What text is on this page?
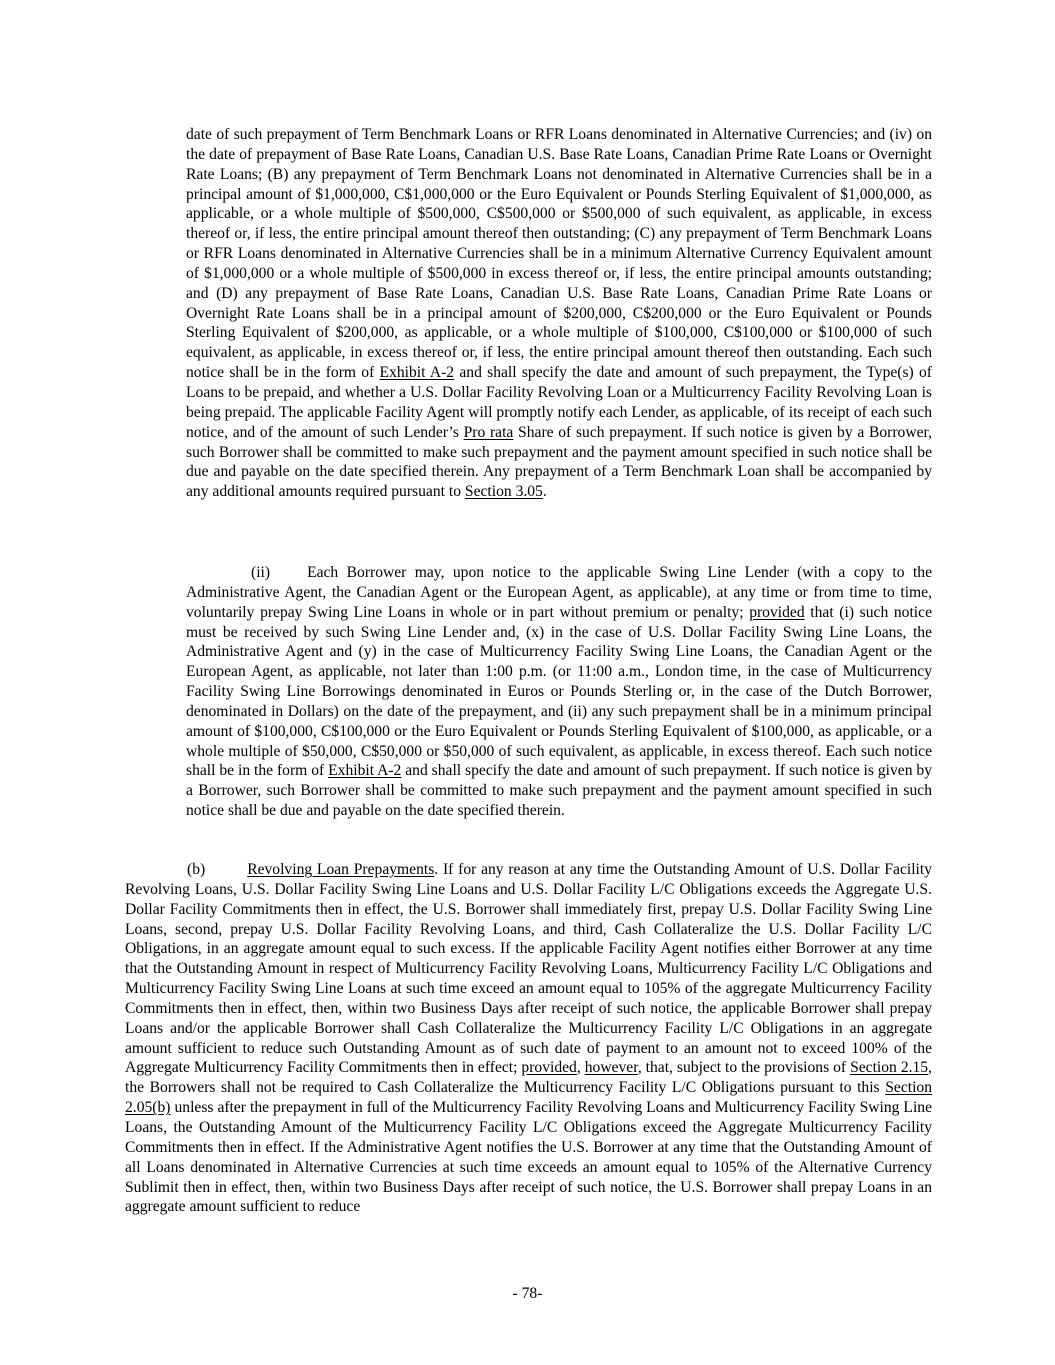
date of such prepayment of Term Benchmark Loans or RFR Loans denominated in Alternative Currencies; and (iv) on the date of prepayment of Base Rate Loans, Canadian U.S. Base Rate Loans, Canadian Prime Rate Loans or Overnight Rate Loans; (B) any prepayment of Term Benchmark Loans not denominated in Alternative Currencies shall be in a principal amount of $1,000,000, C$1,000,000 or the Euro Equivalent or Pounds Sterling Equivalent of $1,000,000, as applicable, or a whole multiple of $500,000, C$500,000 or $500,000 of such equivalent, as applicable, in excess thereof or, if less, the entire principal amount thereof then outstanding; (C) any prepayment of Term Benchmark Loans or RFR Loans denominated in Alternative Currencies shall be in a minimum Alternative Currency Equivalent amount of $1,000,000 or a whole multiple of $500,000 in excess thereof or, if less, the entire principal amounts outstanding; and (D) any prepayment of Base Rate Loans, Canadian U.S. Base Rate Loans, Canadian Prime Rate Loans or Overnight Rate Loans shall be in a principal amount of $200,000, C$200,000 or the Euro Equivalent or Pounds Sterling Equivalent of $200,000, as applicable, or a whole multiple of $100,000, C$100,000 or $100,000 of such equivalent, as applicable, in excess thereof or, if less, the entire principal amount thereof then outstanding. Each such notice shall be in the form of Exhibit A-2 and shall specify the date and amount of such prepayment, the Type(s) of Loans to be prepaid, and whether a U.S. Dollar Facility Revolving Loan or a Multicurrency Facility Revolving Loan is being prepaid. The applicable Facility Agent will promptly notify each Lender, as applicable, of its receipt of each such notice, and of the amount of such Lender’s Pro rata Share of such prepayment. If such notice is given by a Borrower, such Borrower shall be committed to make such prepayment and the payment amount specified in such notice shall be due and payable on the date specified therein. Any prepayment of a Term Benchmark Loan shall be accompanied by any additional amounts required pursuant to Section 3.05.

(ii) Each Borrower may, upon notice to the applicable Swing Line Lender (with a copy to the Administrative Agent, the Canadian Agent or the European Agent, as applicable), at any time or from time to time, voluntarily prepay Swing Line Loans in whole or in part without premium or penalty; provided that (i) such notice must be received by such Swing Line Lender and, (x) in the case of U.S. Dollar Facility Swing Line Loans, the Administrative Agent and (y) in the case of Multicurrency Facility Swing Line Loans, the Canadian Agent or the European Agent, as applicable, not later than 1:00 p.m. (or 11:00 a.m., London time, in the case of Multicurrency Facility Swing Line Borrowings denominated in Euros or Pounds Sterling or, in the case of the Dutch Borrower, denominated in Dollars) on the date of the prepayment, and (ii) any such prepayment shall be in a minimum principal amount of $100,000, C$100,000 or the Euro Equivalent or Pounds Sterling Equivalent of $100,000, as applicable, or a whole multiple of $50,000, C$50,000 or $50,000 of such equivalent, as applicable, in excess thereof. Each such notice shall be in the form of Exhibit A-2 and shall specify the date and amount of such prepayment. If such notice is given by a Borrower, such Borrower shall be committed to make such prepayment and the payment amount specified in such notice shall be due and payable on the date specified therein.

(b)	Revolving Loan Prepayments. If for any reason at any time the Outstanding Amount of U.S. Dollar Facility Revolving Loans, U.S. Dollar Facility Swing Line Loans and U.S. Dollar Facility L/C Obligations exceeds the Aggregate U.S. Dollar Facility Commitments then in effect, the U.S. Borrower shall immediately first, prepay U.S. Dollar Facility Swing Line Loans, second, prepay U.S. Dollar Facility Revolving Loans, and third, Cash Collateralize the U.S. Dollar Facility L/C Obligations, in an aggregate amount equal to such excess. If the applicable Facility Agent notifies either Borrower at any time that the Outstanding Amount in respect of Multicurrency Facility Revolving Loans, Multicurrency Facility L/C Obligations and Multicurrency Facility Swing Line Loans at such time exceed an amount equal to 105% of the aggregate Multicurrency Facility Commitments then in effect, then, within two Business Days after receipt of such notice, the applicable Borrower shall prepay Loans and/or the applicable Borrower shall Cash Collateralize the Multicurrency Facility L/C Obligations in an aggregate amount sufficient to reduce such Outstanding Amount as of such date of payment to an amount not to exceed 100% of the Aggregate Multicurrency Facility Commitments then in effect; provided, however, that, subject to the provisions of Section 2.15, the Borrowers shall not be required to Cash Collateralize the Multicurrency Facility L/C Obligations pursuant to this Section 2.05(b) unless after the prepayment in full of the Multicurrency Facility Revolving Loans and Multicurrency Facility Swing Line Loans, the Outstanding Amount of the Multicurrency Facility L/C Obligations exceed the Aggregate Multicurrency Facility Commitments then in effect. If the Administrative Agent notifies the U.S. Borrower at any time that the Outstanding Amount of all Loans denominated in Alternative Currencies at such time exceeds an amount equal to 105% of the Alternative Currency Sublimit then in effect, then, within two Business Days after receipt of such notice, the U.S. Borrower shall prepay Loans in an aggregate amount sufficient to reduce

- 78-
